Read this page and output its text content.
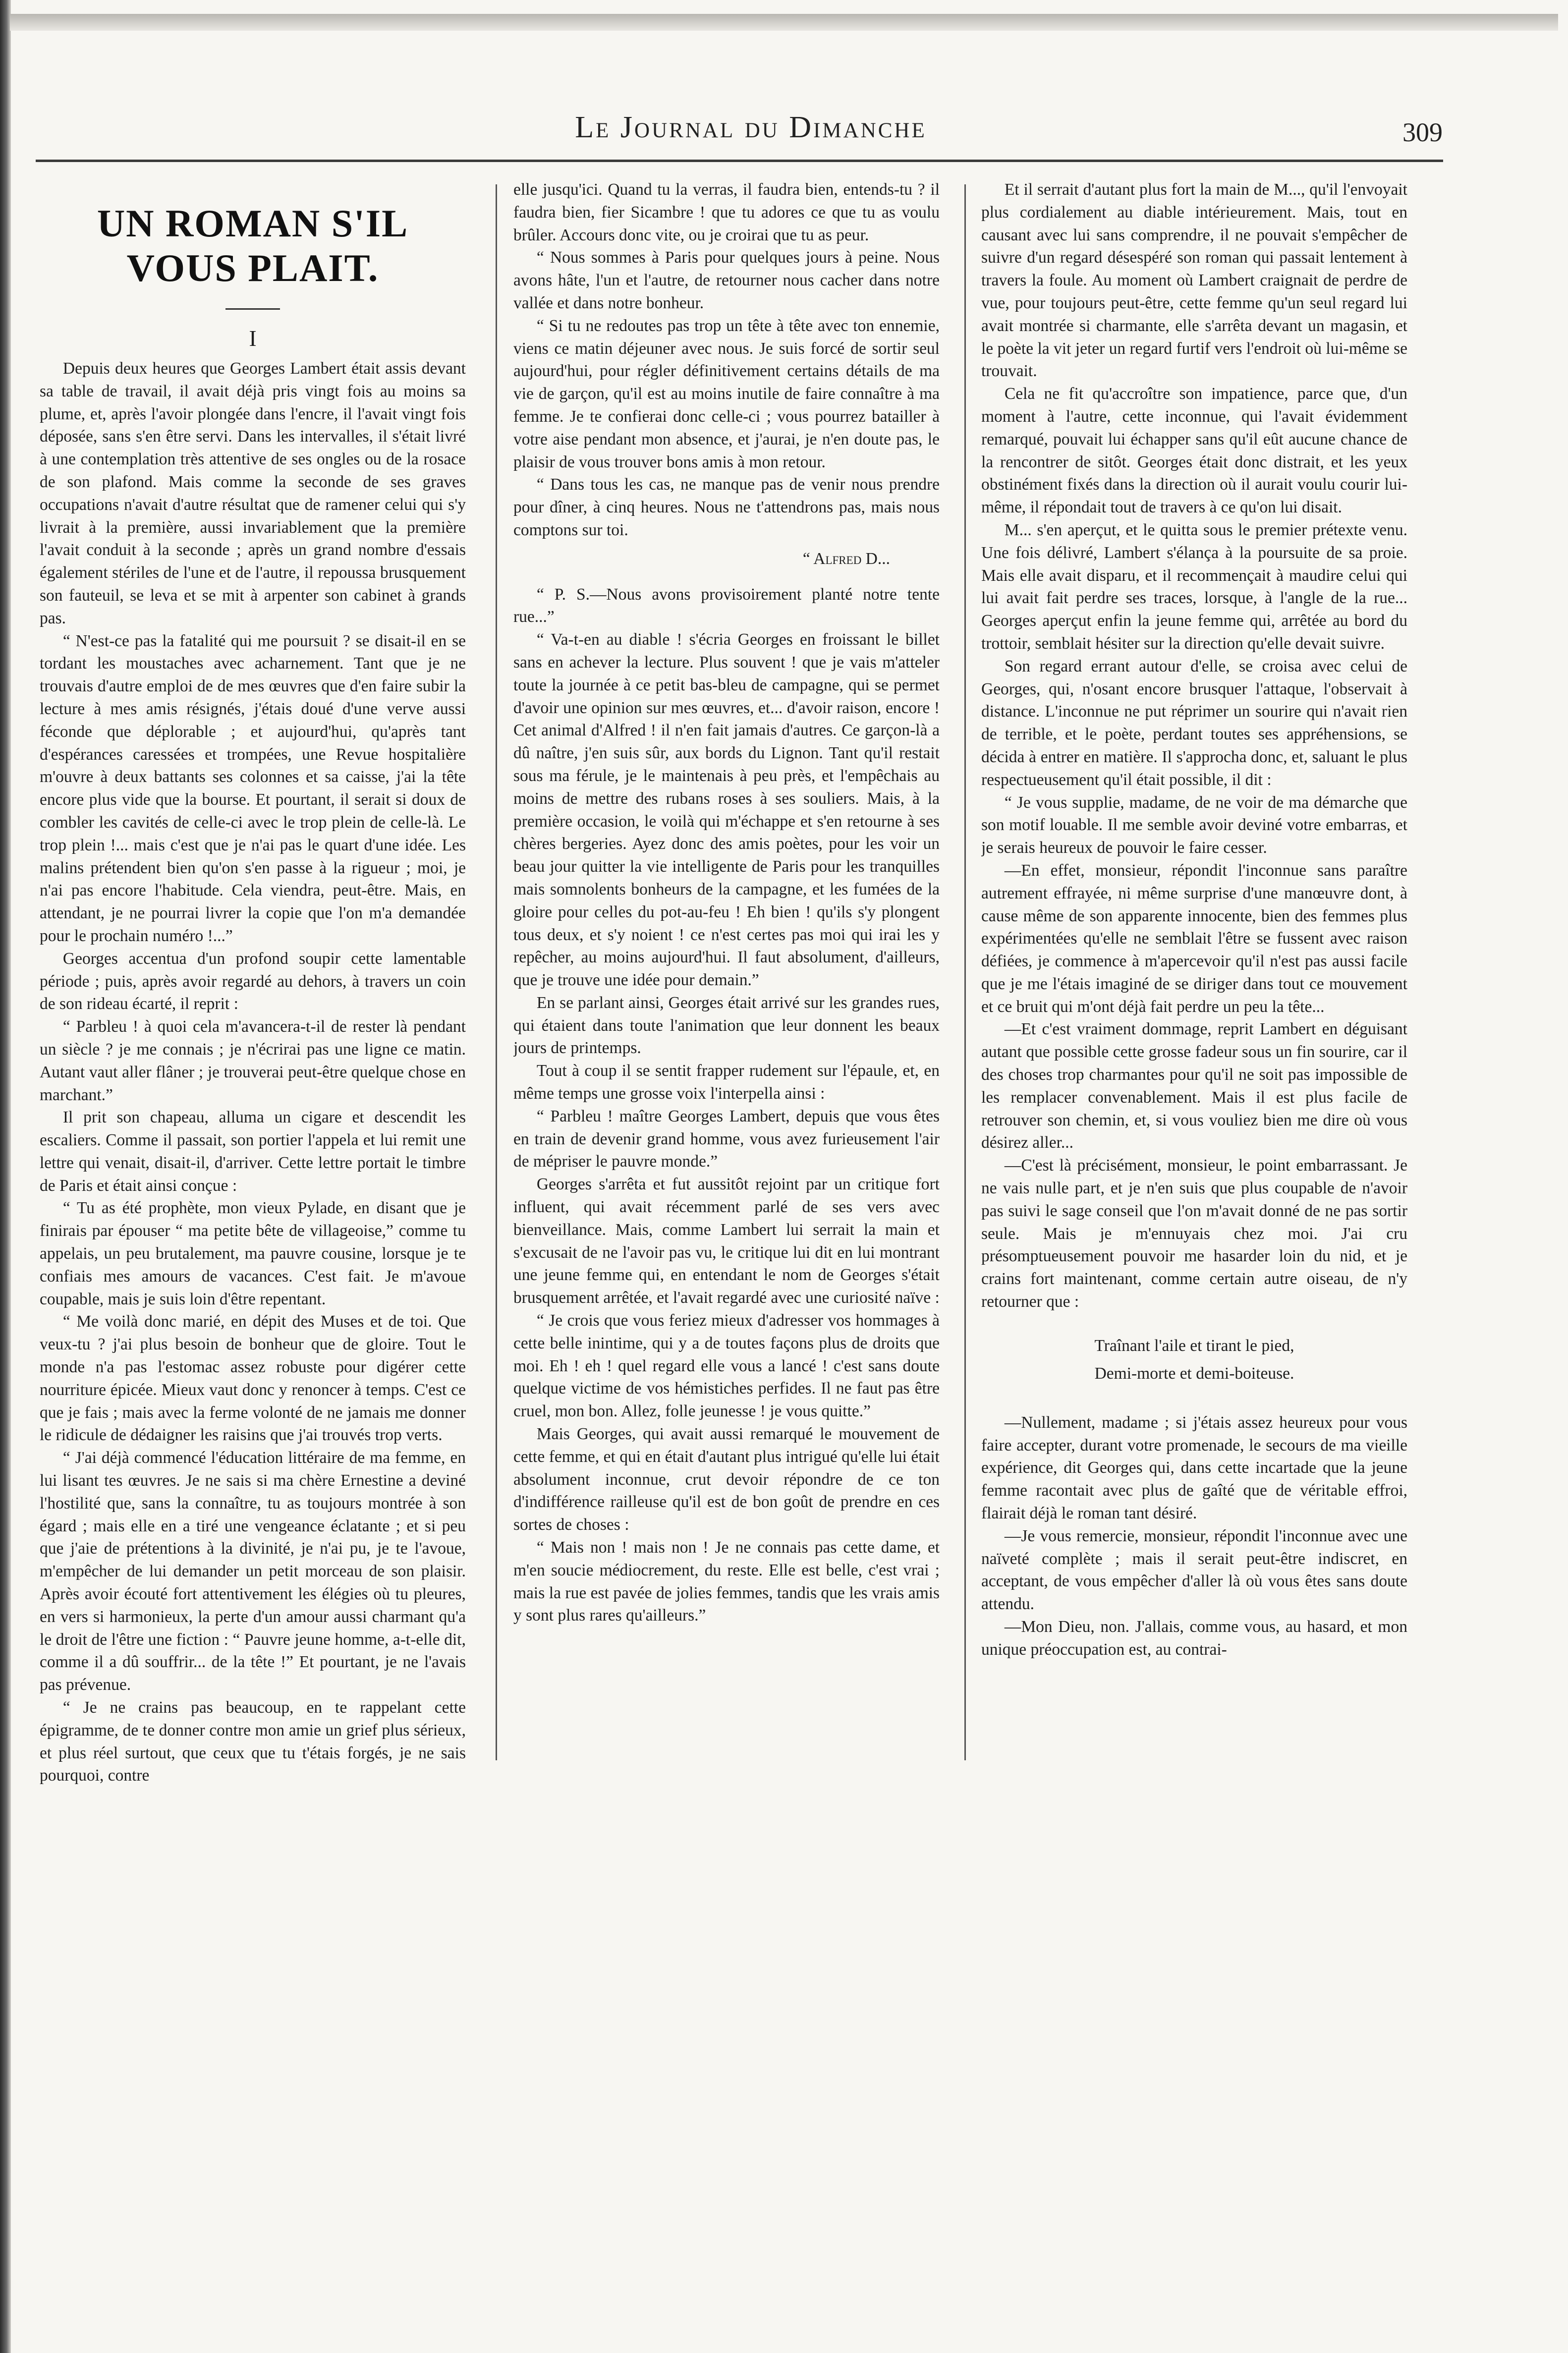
Le Journal du Dimanche	309
UN ROMAN S'IL VOUS PLAIT.
I

Depuis deux heures que Georges Lambert était assis devant sa table de travail, il avait déjà pris vingt fois au moins sa plume, et, après l'avoir plongée dans l'encre, il l'avait vingt fois déposée, sans s'en être servi. Dans les intervalles, il s'était livré à une contemplation très attentive de ses ongles ou de la rosace de son plafond. Mais comme la seconde de ses graves occupations n'avait d'autre résultat que de ramener celui qui s'y livrait à la première, aussi invariablement que la première l'avait conduit à la seconde ; après un grand nombre d'essais également stériles de l'une et de l'autre, il repoussa brusquement son fauteuil, se leva et se mit à arpenter son cabinet à grands pas.

“ N'est-ce pas la fatalité qui me poursuit ? se disait-il en se tordant les moustaches avec acharnement. Tant que je ne trouvais d'autre emploi de de mes œuvres que d'en faire subir la lecture à mes amis résignés, j'étais doué d'une verve aussi féconde que déplorable ; et aujourd'hui, qu'après tant d'espérances caressées et trompées, une Revue hospitalière m'ouvre à deux battants ses colonnes et sa caisse, j'ai la tête encore plus vide que la bourse. Et pourtant, il serait si doux de combler les cavités de celle-ci avec le trop plein de celle-là. Le trop plein !... mais c'est que je n'ai pas le quart d'une idée. Les malins prétendent bien qu'on s'en passe à la rigueur ; moi, je n'ai pas encore l'habitude. Cela viendra, peut-être. Mais, en attendant, je ne pourrai livrer la copie que l'on m'a demandée pour le prochain numéro !...”

Georges accentua d'un profond soupir cette lamentable période ; puis, après avoir regardé au dehors, à travers un coin de son rideau écarté, il reprit :

“ Parbleu ! à quoi cela m'avancera-t-il de rester là pendant un siècle ? je me connais ; je n'écrirai pas une ligne ce matin. Autant vaut aller flâner ; je trouverai peut-être quelque chose en marchant.”

Il prit son chapeau, alluma un cigare et descendit les escaliers. Comme il passait, son portier l'appela et lui remit une lettre qui venait, disait-il, d'arriver. Cette lettre portait le timbre de Paris et était ainsi conçue :

“ Tu as été prophète, mon vieux Pylade, en disant que je finirais par épouser “ ma petite bête de villageoise,” comme tu appelais, un peu brutalement, ma pauvre cousine, lorsque je te confiais mes amours de vacances. C'est fait. Je m'avoue coupable, mais je suis loin d'être repentant.

“ Me voilà donc marié, en dépit des Muses et de toi. Que veux-tu ? j'ai plus besoin de bonheur que de gloire. Tout le monde n'a pas l'estomac assez robuste pour digérer cette nourriture épicée. Mieux vaut donc y renoncer à temps. C'est ce que je fais ; mais avec la ferme volonté de ne jamais me donner le ridicule de dédaigner les raisins que j'ai trouvés trop verts.

“ J'ai déjà commencé l'éducation littéraire de ma femme, en lui lisant tes œuvres. Je ne sais si ma chère Ernestine a deviné l'hostilité que, sans la connaître, tu as toujours montrée à son égard ; mais elle en a tiré une vengeance éclatante ; et si peu que j'aie de prétentions à la divinité, je n'ai pu, je te l'avoue, m'empêcher de lui demander un petit morceau de son plaisir. Après avoir écouté fort attentivement les élégies où tu pleures, en vers si harmonieux, la perte d'un amour aussi charmant qu'a le droit de l'être une fiction : “ Pauvre jeune homme, a-t-elle dit, comme il a dû souffrir... de la tête !” Et pourtant, je ne l'avais pas prévenue.

“ Je ne crains pas beaucoup, en te rappelant cette épigramme, de te donner contre mon amie un grief plus sérieux, et plus réel surtout, que ceux que tu t'étais forgés, je ne sais pourquoi, contre

elle jusqu'ici. Quand tu la verras, il faudra bien, entends-tu ? il faudra bien, fier Sicambre ! que tu adores ce que tu as voulu brûler. Accours donc vite, ou je croirai que tu as peur.

“ Nous sommes à Paris pour quelques jours à peine. Nous avons hâte, l'un et l'autre, de retourner nous cacher dans notre vallée et dans notre bonheur.

“ Si tu ne redoutes pas trop un tête à tête avec ton ennemie, viens ce matin déjeuner avec nous. Je suis forcé de sortir seul aujourd'hui, pour régler définitivement certains détails de ma vie de garçon, qu'il est au moins inutile de faire connaître à ma femme. Je te confierai donc celle-ci ; vous pourrez batailler à votre aise pendant mon absence, et j'aurai, je n'en doute pas, le plaisir de vous trouver bons amis à mon retour.

“ Dans tous les cas, ne manque pas de venir nous prendre pour dîner, à cinq heures. Nous ne t'attendrons pas, mais nous comptons sur toi.

“ Alfred D...

“ P. S.—Nous avons provisoirement planté notre tente rue...”

“ Va-t-en au diable ! s'écria Georges en froissant le billet sans en achever la lecture. Plus souvent ! que je vais m'atteler toute la journée à ce petit bas-bleu de campagne, qui se permet d'avoir une opinion sur mes œuvres, et... d'avoir raison, encore ! Cet animal d'Alfred ! il n'en fait jamais d'autres. Ce garçon-là a dû naître, j'en suis sûr, aux bords du Lignon. Tant qu'il restait sous ma férule, je le maintenais à peu près, et l'empêchais au moins de mettre des rubans roses à ses souliers. Mais, à la première occasion, le voilà qui m'échappe et s'en retourne à ses chères bergeries. Ayez donc des amis poètes, pour les voir un beau jour quitter la vie intelligente de Paris pour les tranquilles mais somnolents bonheurs de la campagne, et les fumées de la gloire pour celles du pot-au-feu ! Eh bien ! qu'ils s'y plongent tous deux, et s'y noient ! ce n'est certes pas moi qui irai les y repêcher, au moins aujourd'hui. Il faut absolument, d'ailleurs, que je trouve une idée pour demain.”

En se parlant ainsi, Georges était arrivé sur les grandes rues, qui étaient dans toute l'animation que leur donnent les beaux jours de printemps.

Tout à coup il se sentit frapper rudement sur l'épaule, et, en même temps une grosse voix l'interpella ainsi :

“ Parbleu ! maître Georges Lambert, depuis que vous êtes en train de devenir grand homme, vous avez furieusement l'air de mépriser le pauvre monde.”

Georges s'arrêta et fut aussitôt rejoint par un critique fort influent, qui avait récemment parlé de ses vers avec bienveillance. Mais, comme Lambert lui serrait la main et s'excusait de ne l'avoir pas vu, le critique lui dit en lui montrant une jeune femme qui, en entendant le nom de Georges s'était brusquement arrêtée, et l'avait regardé avec une curiosité naïve :

“ Je crois que vous feriez mieux d'adresser vos hommages à cette belle inintime, qui y a de toutes façons plus de droits que moi. Eh ! eh ! quel regard elle vous a lancé ! c'est sans doute quelque victime de vos hémistiches perfides. Il ne faut pas être cruel, mon bon. Allez, folle jeunesse ! je vous quitte.”

Mais Georges, qui avait aussi remarqué le mouvement de cette femme, et qui en était d'autant plus intrigué qu'elle lui était absolument inconnue, crut devoir répondre de ce ton d'indifférence railleuse qu'il est de bon goût de prendre en ces sortes de choses :

“ Mais non ! mais non ! Je ne connais pas cette dame, et m'en soucie médiocrement, du reste. Elle est belle, c'est vrai ; mais la rue est pavée de jolies femmes, tandis que les vrais amis y sont plus rares qu'ailleurs.”

Et il serrait d'autant plus fort la main de M..., qu'il l'envoyait plus cordialement au diable intérieurement. Mais, tout en causant avec lui sans comprendre, il ne pouvait s'empêcher de suivre d'un regard désespéré son roman qui passait lentement à travers la foule. Au moment où Lambert craignait de perdre de vue, pour toujours peut-être, cette femme qu'un seul regard lui avait montrée si charmante, elle s'arrêta devant un magasin, et le poète la vit jeter un regard furtif vers l'endroit où lui-même se trouvait.

Cela ne fit qu'accroître son impatience, parce que, d'un moment à l'autre, cette inconnue, qui l'avait évidemment remarqué, pouvait lui échapper sans qu'il eût aucune chance de la rencontrer de sitôt. Georges était donc distrait, et les yeux obstinément fixés dans la direction où il aurait voulu courir lui-même, il répondait tout de travers à ce qu'on lui disait.

M... s'en aperçut, et le quitta sous le premier prétexte venu. Une fois délivré, Lambert s'élança à la poursuite de sa proie. Mais elle avait disparu, et il recommençait à maudire celui qui lui avait fait perdre ses traces, lorsque, à l'angle de la rue... Georges aperçut enfin la jeune femme qui, arrêtée au bord du trottoir, semblait hésiter sur la direction qu'elle devait suivre.

Son regard errant autour d'elle, se croisa avec celui de Georges, qui, n'osant encore brusquer l'attaque, l'observait à distance. L'inconnue ne put réprimer un sourire qui n'avait rien de terrible, et le poète, perdant toutes ses appréhensions, se décida à entrer en matière. Il s'approcha donc, et, saluant le plus respectueusement qu'il était possible, il dit :

“ Je vous supplie, madame, de ne voir de ma démarche que son motif louable. Il me semble avoir deviné votre embarras, et je serais heureux de pouvoir le faire cesser.

—En effet, monsieur, répondit l'inconnue sans paraître autrement effrayée, ni même surprise d'une manœuvre dont, à cause même de son apparente innocente, bien des femmes plus expérimentées qu'elle ne semblait l'être se fussent avec raison défiées, je commence à m'apercevoir qu'il n'est pas aussi facile que je me l'étais imaginé de se diriger dans tout ce mouvement et ce bruit qui m'ont déjà fait perdre un peu la tête...

—Et c'est vraiment dommage, reprit Lambert en déguisant autant que possible cette grosse fadeur sous un fin sourire, car il des choses trop charmantes pour qu'il ne soit pas impossible de les remplacer convenablement. Mais il est plus facile de retrouver son chemin, et, si vous vouliez bien me dire où vous désirez aller...

—C'est là précisément, monsieur, le point embarrassant. Je ne vais nulle part, et je n'en suis que plus coupable de n'avoir pas suivi le sage conseil que l'on m'avait donné de ne pas sortir seule. Mais je m'ennuyais chez moi. J'ai cru présomptueusement pouvoir me hasarder loin du nid, et je crains fort maintenant, comme certain autre oiseau, de n'y retourner que :

Traînant l'aile et tirant le pied,
Demi-morte et demi-boiteuse.

—Nullement, madame ; si j'étais assez heureux pour vous faire accepter, durant votre promenade, le secours de ma vieille expérience, dit Georges qui, dans cette incartade que la jeune femme racontait avec plus de gaîté que de véritable effroi, flairait déjà le roman tant désiré.

—Je vous remercie, monsieur, répondit l'inconnue avec une naïveté complète ; mais il serait peut-être indiscret, en acceptant, de vous empêcher d'aller là où vous êtes sans doute attendu.

—Mon Dieu, non. J'allais, comme vous, au hasard, et mon unique préoccupation est, au contrai-
